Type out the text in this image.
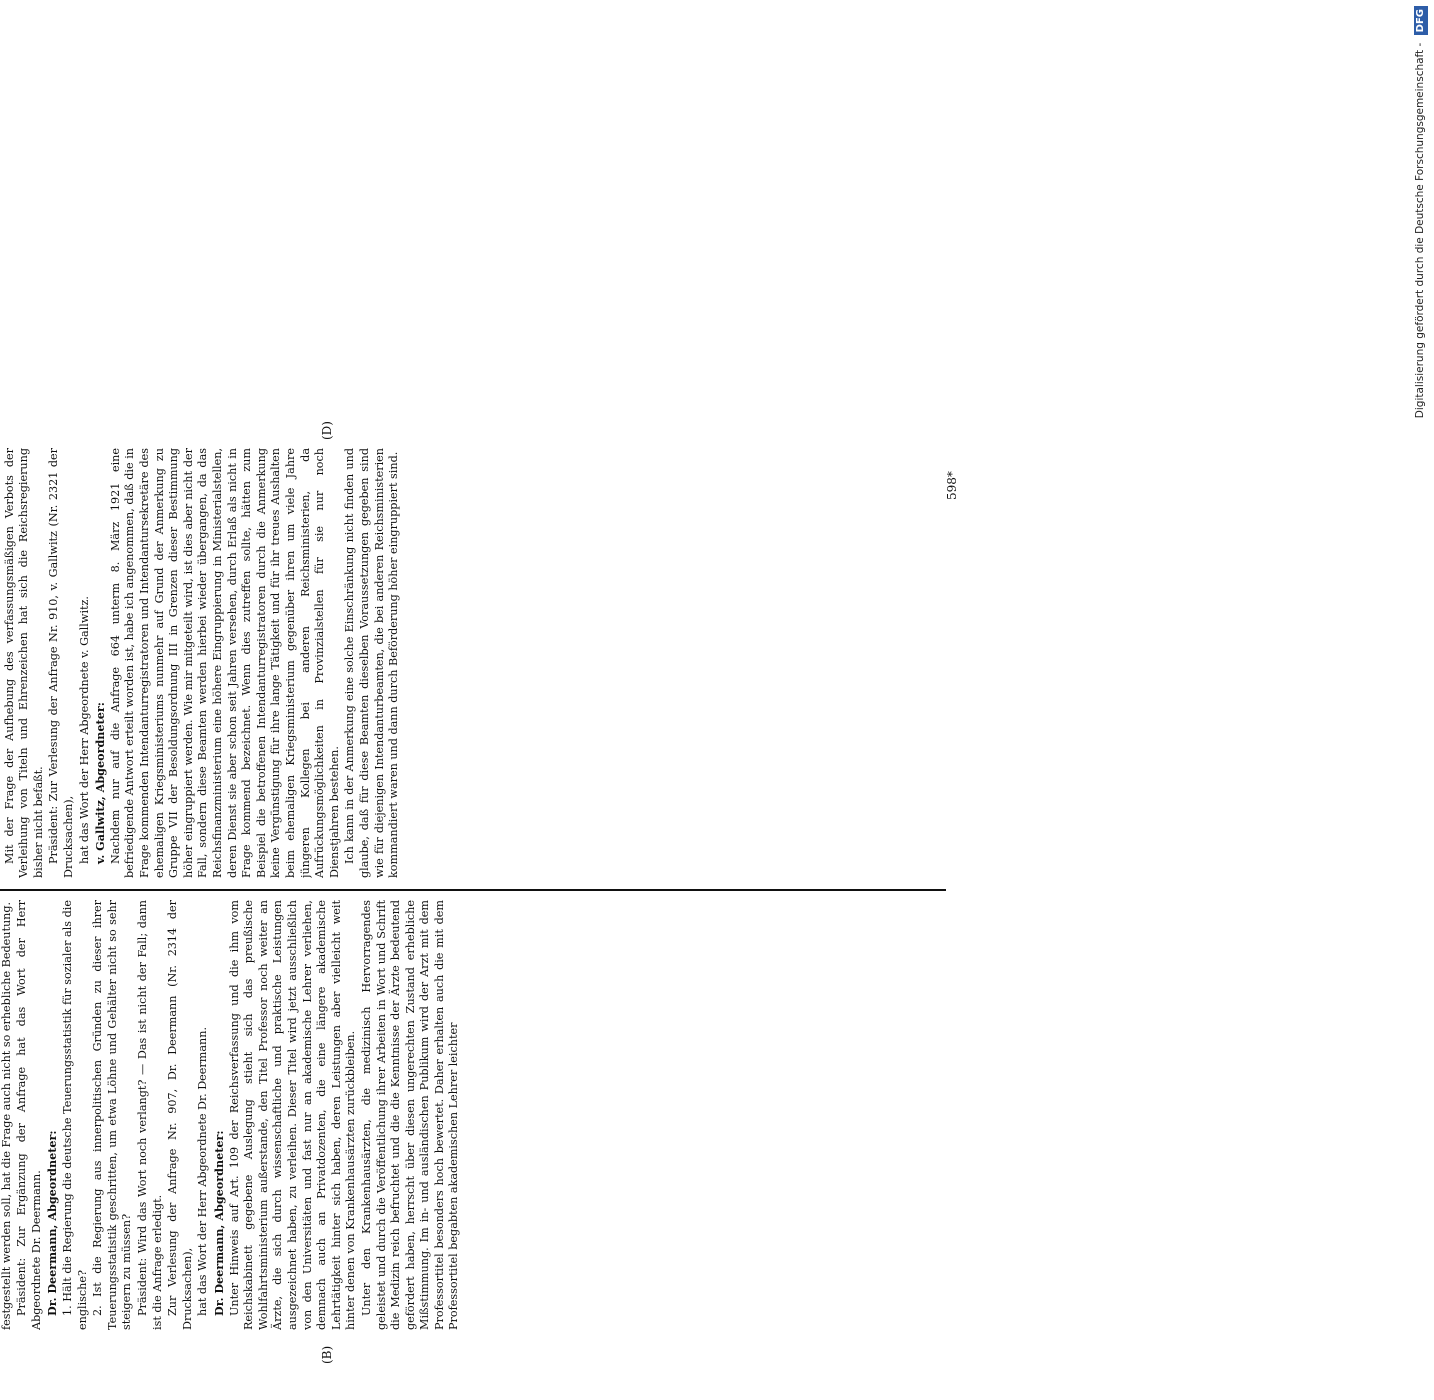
(B)
(D)

festgestellt werden soll, hat die Frage auch nicht so erhebliche Bedeutung. Präsident: Zur Ergänzung der Anfrage hat das Wort der Herr Abgeordnete Dr. Deermann. Dr. Deermann, Abgeordneter: 1. Hält die Regierung die deutsche Teuerungsstatistik für sozialer als die englische? 2. Ist die Regierung aus innerpolitischen Gründen zu dieser ihrer Teuerungsstatistik geschritten, um etwa Löhne und Gehälter nicht so sehr steigern zu müssen? Präsident: Wird das Wort noch verlangt? — Das ist nicht der Fall; dann ist die Anfrage erledigt. Zur Verlesung der Anfrage Nr. 907, Dr. Deermann (Nr. 2314 der Drucksachen), hat das Wort der Herr Abgeordnete Dr. Deermann. Dr. Deermann, Abgeordneter: Unter Hinweis auf Art. 109 der Reichsverfassung und die ihm vom Reichskabinett gegebene Auslegung stieht sich das preußische Wohlfahrtsministerium außerstande, den Titel Professor noch weiter an Ärzte, die sich durch wissenschaftliche und praktische Leistungen ausgezeichnet haben, zu verleihen. Dieser Titel wird jetzt ausschließlich von den Universitäten und fast nur an akademische Lehrer verliehen, demnach auch an Privatdozenten, die eine längere akademische Lehrtätigkeit hinter sich haben, deren Leistungen aber vielleicht weit hinter denen von Krankenhausärzten zurückbleiben. Unter den Krankenhausärzten, die medizinisch Hervorragendes geleistet und durch die Veröffentlichung ihrer Arbeiten in Wort und Schrift die Medizin reich befruchtet und die die Kenntnisse der Ärzte bedeutend gefördert haben, herrscht über diesen ungerechten Zustand erhebliche Mißstimmung. Im in- und ausländischen Publikum wird der Arzt mit dem Professortitel besonders hoch bewertet. Daher erhalten auch die mit dem Professortitel begabten akademischen Lehrer leichter

Mit der Frage der Aufhebung des verfassungsmäßigen Verbots der Verleihung von Titeln und Ehrenzeichen hat sich die Reichsregierung bisher nicht befaßt. Präsident: Zur Verlesung der Anfrage Nr. 910, v. Gallwitz (Nr. 2321 der Drucksachen), hat das Wort der Herr Abgeordnete v. Gallwitz. v. Gallwitz, Abgeordneter: Nachdem nur auf die Anfrage 664 unterm 8. März 1921 eine befriedigende Antwort erteilt worden ist, habe ich angenommen, daß die in Frage kommenden Intendanturregistratoren und Intendantursekretäre des ehemaligen Kriegsministeriums nunmehr auf Grund der Anmerkung zu Gruppe VII der Besoldungsordnung III in Grenzen dieser Bestimmung höher eingruppiert werden. Wie mir mitgeteilt wird, ist dies aber nicht der Fall, sondern diese Beamten werden hierbei wieder übergangen, da das Reichsfinanzministerium eine höhere Eingruppierung in Ministerialstellen, deren Dienst sie aber schon seit Jahren versehen, durch Erlaß als nicht in Frage kommend bezeichnet. Wenn dies zutreffen sollte, hätten zum Beispiel die betroffenen Intendanturregistratoren durch die Anmerkung keine Vergünstigung für ihre lange Tätigkeit und für ihr treues Aushalten beim ehemaligen Kriegsministerium gegenüber ihren um viele Jahre jüngeren Kollegen bei anderen Reichsministerien, da Aufrückungsmöglichkeiten in Provinzialstellen für sie nur noch Dienstjahren bestehen. Ich kann in der Anmerkung eine solche Einschränkung nicht finden und glaube, daß für diese Beamten dieselben Voraussetzungen gegeben sind wie für diejenigen Intendanturbeamten, die bei anderen Reichsministerien kommandiert waren und dann durch Beförderung höher eingruppiert sind.	598*
Digitalisierung gefördert durch die Deutsche Forschungsgemeinschaft - DFG
